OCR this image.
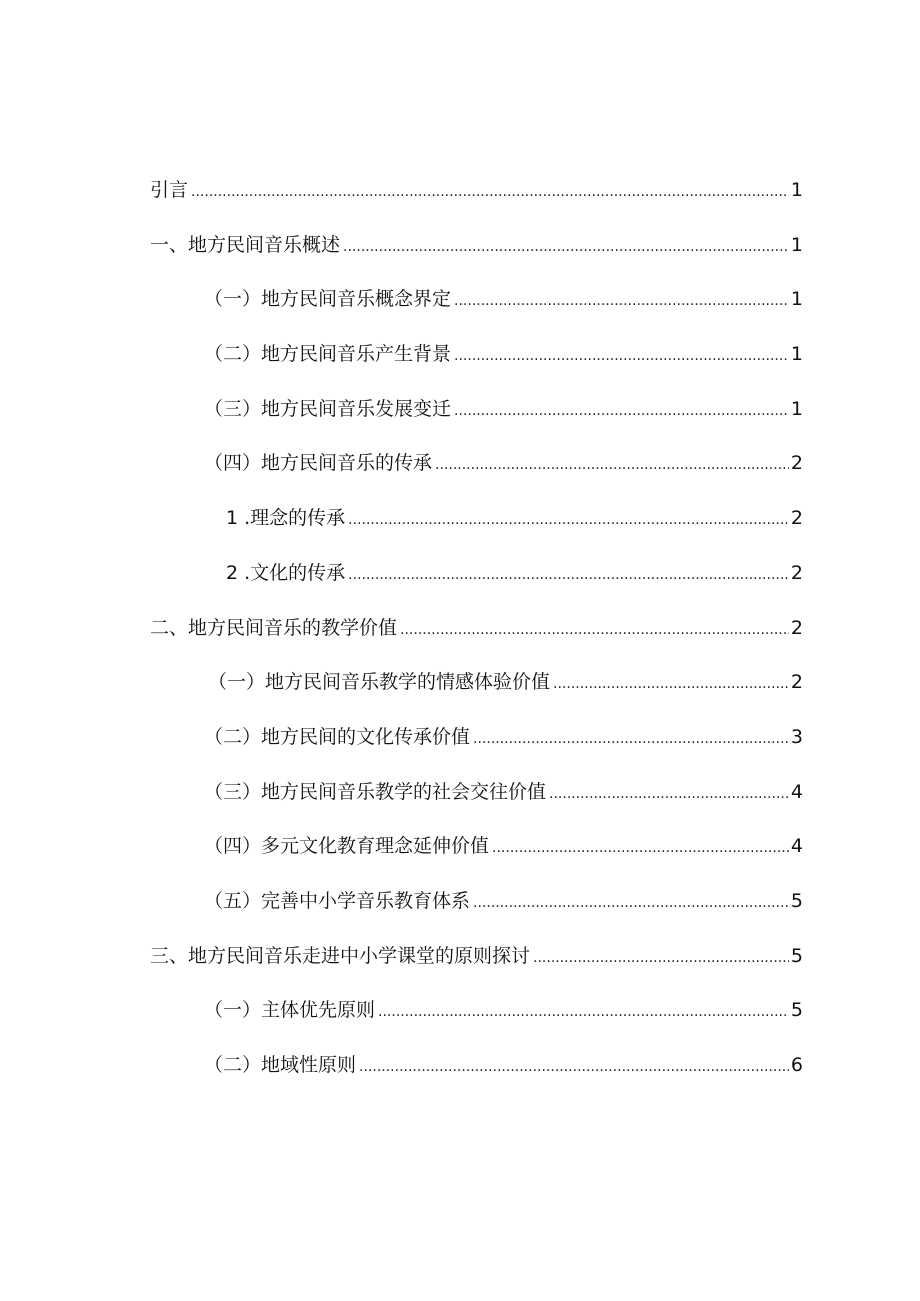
引言 .....	1
一、地方民间音乐概述 .....	1
（一）地方民间音乐概念界定 .....	1
（二）地方民间音乐产生背景 .....	1
（三）地方民间音乐发展变迁 .....	1
（四）地方民间音乐的传承 .....	2
1 .理念的传承 .....	2
2 .文化的传承 .....	2
二、地方民间音乐的教学价值 .....	2
（一）地方民间音乐教学的情感体验价值 .....	2
（二）地方民间的文化传承价值 .....	3
（三）地方民间音乐教学的社会交往价值 .....	4
（四）多元文化教育理念延伸价值 .....	4
（五）完善中小学音乐教育体系 .....	5
三、地方民间音乐走进中小学课堂的原则探讨 .....	5
（一）主体优先原则 .....	5
（二）地域性原则 .....	6
